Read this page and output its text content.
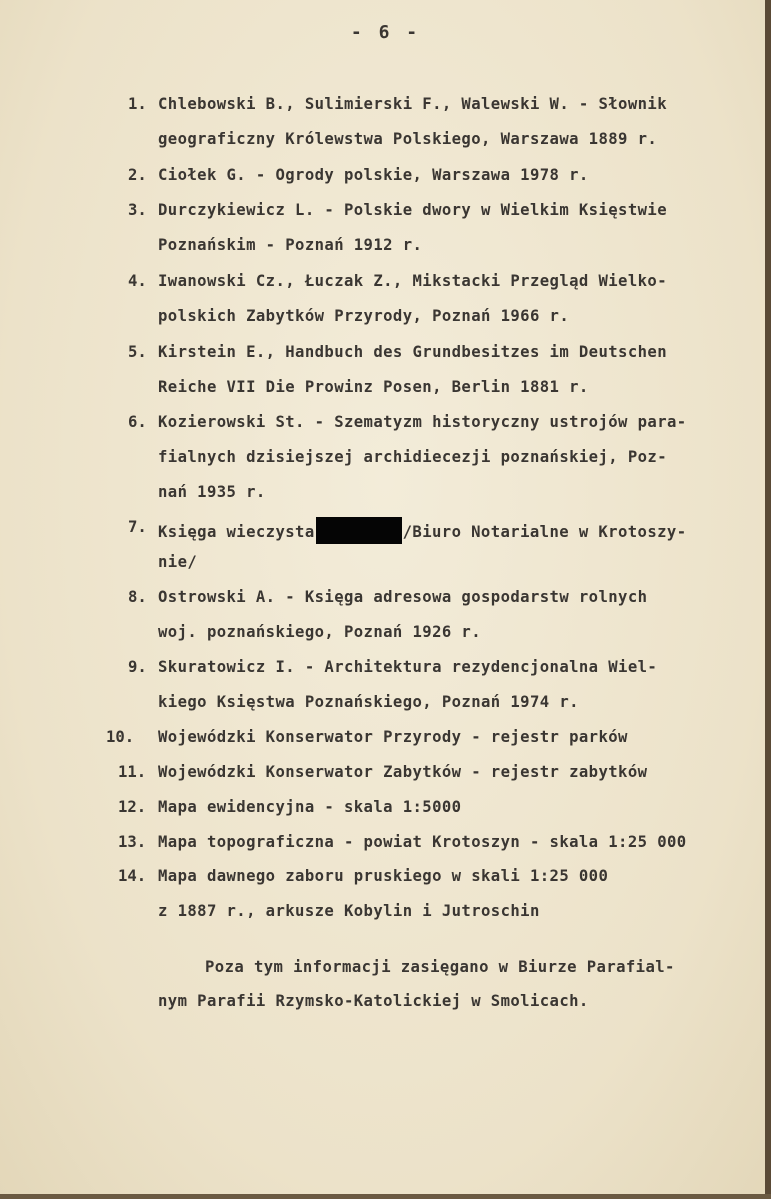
- 6 -
1. Chlebowski B., Sulimierski F., Walewski W. - Słownik
geograficzny Królewstwa Polskiego, Warszawa 1889 r.
2. Ciołek G. - Ogrody polskie, Warszawa 1978 r.
3. Durczykiewicz L. - Polskie dwory w Wielkim Księstwie
Poznańskim - Poznań 1912 r.
4. Iwanowski Cz., Łuczak Z., Mikstacki Przegląd Wielko-
polskich Zabytków Przyrody, Poznań 1966 r.
5. Kirstein E., Handbuch des Grundbesitzes im Deutschen
Reiche VII Die Prowinz Posen, Berlin 1881 r.
6. Kozierowski St. - Szematyzm historyczny ustrojów para-
fialnych dzisiejszej archidiecezji poznańskiej, Poz-
nań 1935 r.
7. Księga wieczysta	/Biuro Notarialne w Krotoszy-
nie/
8. Ostrowski A. - Księga adresowa gospodarstw rolnych
woj. poznańskiego, Poznań 1926 r.
9. Skuratowicz I. - Architektura rezydencjonalna Wiel-
kiego Księstwa Poznańskiego, Poznań 1974 r.
10. Wojewódzki Konserwator Przyrody - rejestr parków
11. Wojewódzki Konserwator Zabytków - rejestr zabytków
12. Mapa ewidencyjna - skala 1:5000
13. Mapa topograficzna - powiat Krotoszyn - skala 1:25 000
14. Mapa dawnego zaboru pruskiego w skali 1:25 000
z 1887 r., arkusze Kobylin i Jutroschin
Poza tym informacji zasięgano w Biurze Parafial-
nym Parafii Rzymsko-Katolickiej w Smolicach.
